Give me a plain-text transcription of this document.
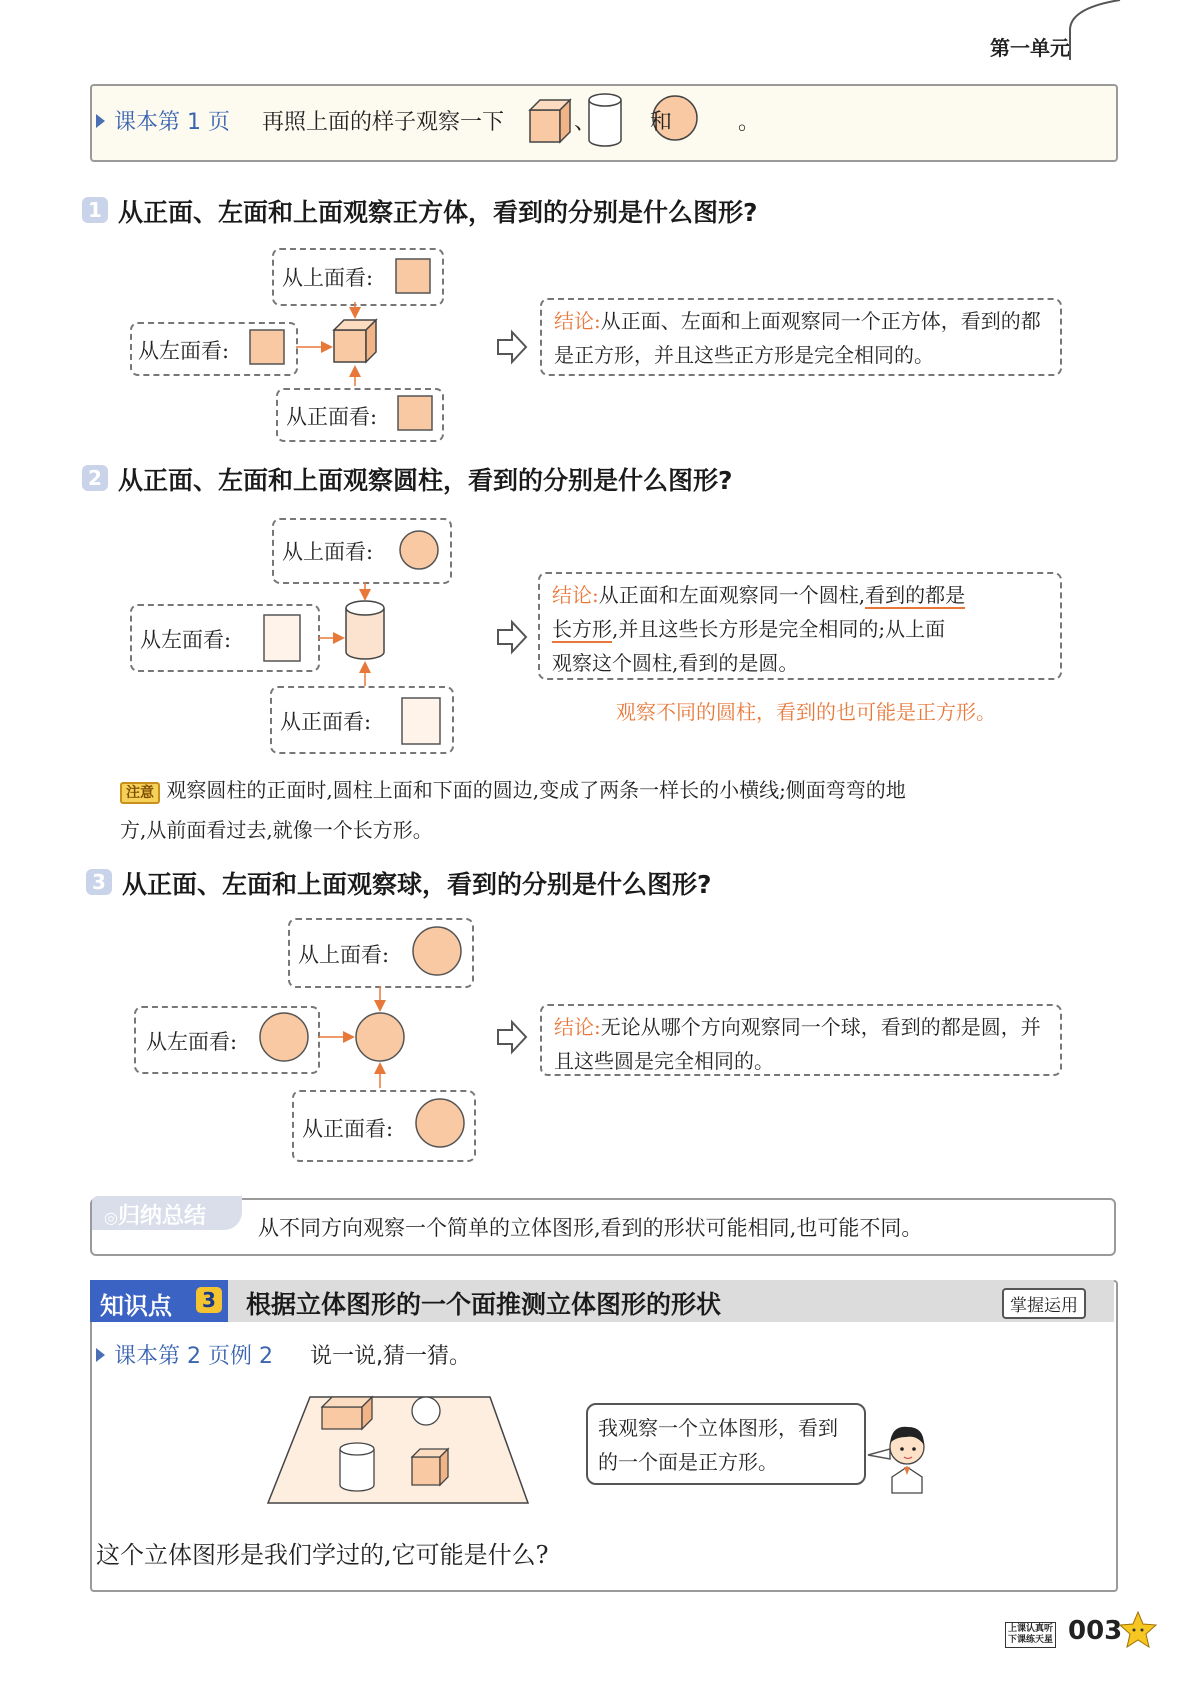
第一单元
课本第 1 页 再照上面的样子观察一下	、 和	。
1 从正面、左面和上面观察正方体，看到的分别是什么图形?
从上面看:
从左面看:
从正面看:
结论:从正面、左面和上面观察同一个正方体，看到的都是正方形，并且这些正方形是完全相同的。
2 从正面、左面和上面观察圆柱，看到的分别是什么图形?
从上面看:
从左面看:
从正面看:
结论:从正面和左面观察同一个圆柱,看到的都是
长方形,并且这些长方形是完全相同的;从上面
观察这个圆柱,看到的是圆。
观察不同的圆柱，看到的也可能是正方形。
注意 观察圆柱的正面时,圆柱上面和下面的圆边,变成了两条一样长的小横线;侧面弯弯的地
方,从前面看过去,就像一个长方形。
3 从正面、左面和上面观察球，看到的分别是什么图形?
从上面看:
从左面看:
从正面看:
结论:无论从哪个方向观察同一个球，看到的都是圆，并且这些圆是完全相同的。
◎归纳总结 从不同方向观察一个简单的立体图形,看到的形状可能相同,也可能不同。
知识点	3 根据立体图形的一个面推测立体图形的形状	掌握运用
课本第 2 页例 2 说一说,猜一猜。
我观察一个立体图形，看到的一个面是正方形。
这个立体图形是我们学过的,它可能是什么?
上课认真听
下课练天星 003
